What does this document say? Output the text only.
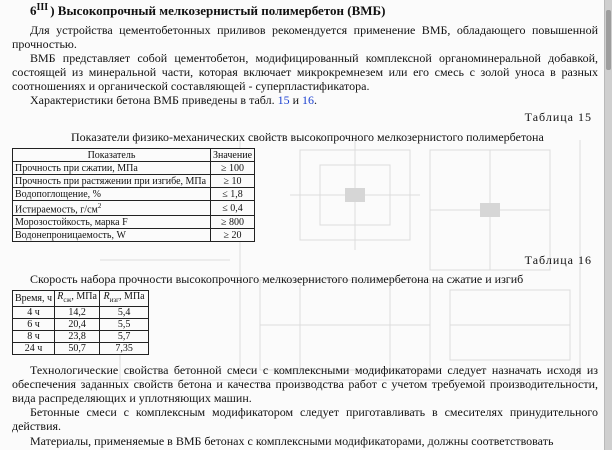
$6^{III}$ ) Высокопрочный мелкозернистый полимербетон (ВМБ)
Для устройства цементобетонных приливов рекомендуется применение ВМБ, обладающего повышенной прочностью.
ВМБ представляет собой цементобетон, модифицированный комплексной органоминеральной добавкой, состоящей из минеральной части, которая включает микрокремнезем или его смесь с золой уноса в разных соотношениях и органической составляющей - суперпластификатора.
Характеристики бетона ВМБ приведены в табл. 15 и 16.
Таблица 15
Показатели физико-механических свойств высокопрочного мелкозернистого полимербетона
Показатель	Значение
Прочность при сжатии, МПа	≥ 100
Прочность при растяжении при изгибе, МПа	≥ 10
Водопоглощение, %	≤ 1,8
Истираемость, $г/см^2$	≤ 0,4
Морозостойкость, марка F	≥ 800
Водонепроницаемость, W	≥ 20
Таблица 16
Скорость набора прочности высокопрочного мелкозернистого полимербетона на сжатие и изгиб
Время, ч	$R_{сж}$, МПа	$R_{изг}$, МПа
4 ч	14,2	5,4
6 ч	20,4	5,5
8 ч	23,8	5,7
24 ч	50,7	7,35
Технологические свойства бетонной смеси с комплексными модификаторами следует назначать исходя из обеспечения заданных свойств бетона и качества производства работ с учетом требуемой производительности, вида распределяющих и уплотняющих машин.
Бетонные смеси с комплексным модификатором следует приготавливать в смесителях принудительного действия.
Материалы, применяемые в ВМБ бетонах с комплексными модификаторами, должны соответствовать
